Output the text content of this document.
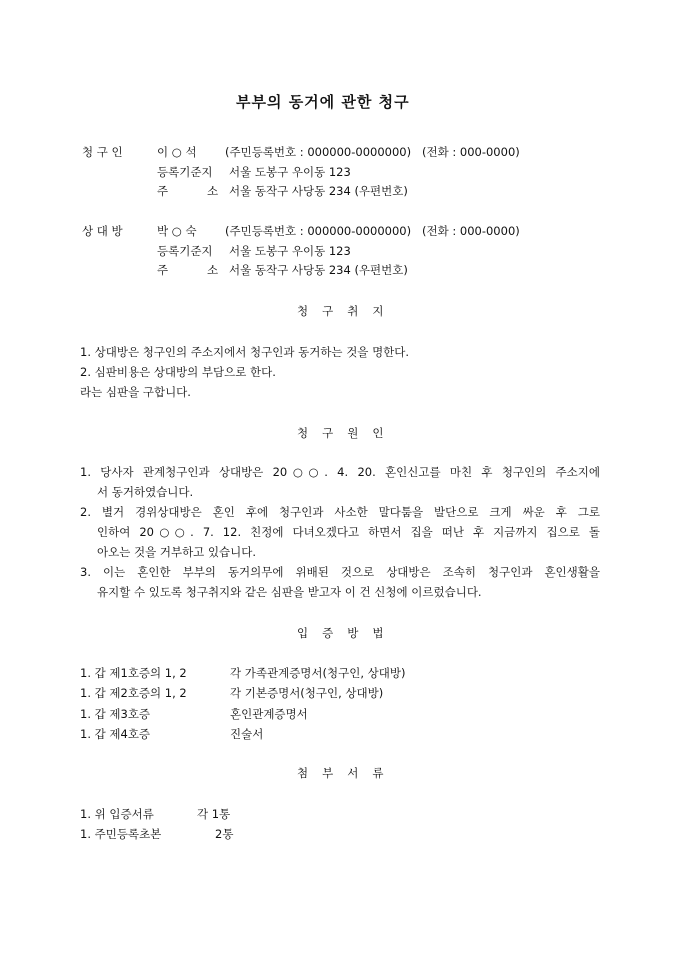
부부의 동거에 관한 청구
청 구 인	이 ○ 석 (주민등록번호 : 000000-0000000) (전화 : 000-0000)
등록기준지 서울 도봉구 우이동 123
주	소 서울 동작구 사당동 234 (우편번호)
상 대 방	박 ○ 숙 (주민등록번호 : 000000-0000000) (전화 : 000-0000)
등록기준지 서울 도봉구 우이동 123
주	소 서울 동작구 사당동 234 (우편번호)
청구취지
1. 상대방은 청구인의 주소지에서 청구인과 동거하는 것을 명한다.
2. 심판비용은 상대방의 부담으로 한다.
라는 심판을 구합니다.
청구원인
1. 당사자 관계청구인과 상대방은 20○○. 4. 20. 혼인신고를 마친 후 청구인의 주소지에
서 동거하였습니다.
2. 별거 경위상대방은 혼인 후에 청구인과 사소한 말다툼을 발단으로 크게 싸운 후 그로
인하여 20○○. 7. 12. 친정에 다녀오겠다고 하면서 집을 떠난 후 지금까지 집으로 돌
아오는 것을 거부하고 있습니다.
3. 이는 혼인한 부부의 동거의무에 위배된 것으로 상대방은 조속히 청구인과 혼인생활을
유지할 수 있도록 청구취지와 같은 심판을 받고자 이 건 신청에 이르렀습니다.
입증방법
1. 갑 제1호증의 1, 2	각 가족관계증명서(청구인, 상대방)
1. 갑 제2호증의 1, 2	각 기본증명서(청구인, 상대방)
1. 갑 제3호증	혼인관계증명서
1. 갑 제4호증	진술서
첨부서류
1. 위 입증서류	각 1통
1. 주민등록초본	2통
